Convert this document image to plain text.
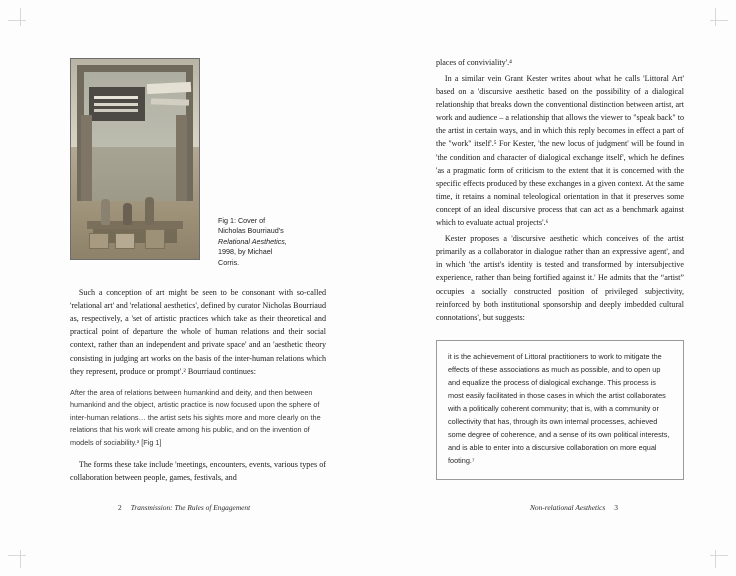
Fig 1: Cover of
Nicholas Bourriaud's
Relational Aesthetics,
1998, by Michael
Corris.

Such a conception of art might be seen to be consonant with so-called 'relational art' and 'relational aesthetics', defined by curator Nicholas Bourriaud as, respectively, a 'set of artistic practices which take as their theoretical and practical point of departure the whole of human relations and their social context, rather than an independent and private space' and an 'aesthetic theory consisting in judging art works on the basis of the inter-human relations which they represent, produce or prompt'.² Bourriaud continues:

After the area of relations between humankind and deity, and then between humankind and the object, artistic practice is now focused upon the sphere of inter-human relations… the artist sets his sights more and more clearly on the relations that his work will create among his public, and on the invention of models of sociability.³ [Fig 1]

The forms these take include 'meetings, encounters, events, various types of collaboration between people, games, festivals, and

places of conviviality'.⁴

In a similar vein Grant Kester writes about what he calls 'Littoral Art' based on a 'discursive aesthetic based on the possibility of a dialogical relationship that breaks down the conventional distinction between artist, art work and audience – a relationship that allows the viewer to "speak back" to the artist in certain ways, and in which this reply becomes in effect a part of the "work" itself'.⁵ For Kester, 'the new locus of judgment' will be found in 'the condition and character of dialogical exchange itself', which he defines 'as a pragmatic form of criticism to the extent that it is concerned with the specific effects produced by these exchanges in a given context. At the same time, it retains a nominal teleological orientation in that it preserves some concept of an ideal discursive process that can act as a benchmark against which to evaluate actual projects'.⁶

Kester proposes a 'discursive aesthetic which conceives of the artist primarily as a collaborator in dialogue rather than an expressive agent', and in which 'the artist's identity is tested and transformed by intersubjective experience, rather than being fortified against it.' He admits that the “artist” occupies a socially constructed position of privileged subjectivity, reinforced by both institutional sponsorship and deeply imbedded cultural connotations', but suggests:

it is the achievement of Littoral practitioners to work to mitigate the effects of these associations as much as possible, and to open up and equalize the process of dialogical exchange. This process is most easily facilitated in those cases in which the artist collaborates with a politically coherent community; that is, with a community or collectivity that has, through its own internal processes, achieved some degree of coherence, and a sense of its own political interests, and is able to enter into a discursive collaboration on more equal footing.⁷
2 Transmission: The Rules of Engagement	Non-relational Aesthetics 3
